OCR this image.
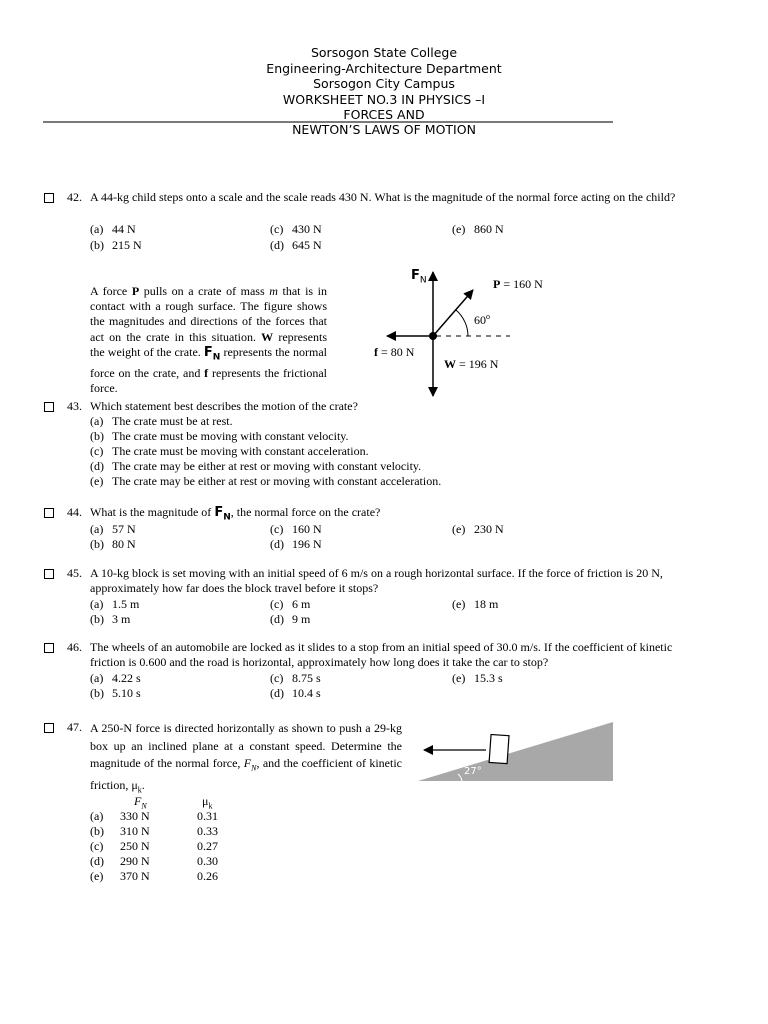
Sorsogon State College
Engineering-Architecture Department
Sorsogon City Campus
WORKSHEET NO.3 IN PHYSICS –I
FORCES AND
NEWTON’S LAWS OF MOTION
42. A 44-kg child steps onto a scale and the scale reads 430 N. What is the magnitude of the normal force acting on the child?
(a) 44 N
(b) 215 N
(c) 430 N
(d) 645 N
(e) 860 N
A force P pulls on a crate of mass m that is in contact with a rough surface. The figure shows the magnitudes and directions of the forces that act on the crate in this situation. W represents the weight of the crate. $F_N$ represents the normal force on the crate, and f represents the frictional force.
$F_N$	P = 160 N
60$^o$
f = 80 N
W = 196 N
43. Which statement best describes the motion of the crate?
(a) The crate must be at rest.
(b) The crate must be moving with constant velocity.
(c) The crate must be moving with constant acceleration.
(d) The crate may be either at rest or moving with constant velocity.
(e) The crate may be either at rest or moving with constant acceleration.
44. What is the magnitude of $F_N$, the normal force on the crate?
(a) 57 N
(b) 80 N
(c) 160 N
(d) 196 N
(e) 230 N
45. A 10-kg block is set moving with an initial speed of 6 m/s on a rough horizontal surface. If the force of friction is 20 N, approximately how far does the block travel before it stops?
(a) 1.5 m
(b) 3 m
(c) 6 m
(d) 9 m
(e) 18 m
46. The wheels of an automobile are locked as it slides to a stop from an initial speed of 30.0 m/s. If the coefficient of kinetic friction is 0.600 and the road is horizontal, approximately how long does it take the car to stop?
(a) 4.22 s
(b) 5.10 s
(c) 8.75 s
(d) 10.4 s
(e) 15.3 s
47. A 250-N force is directed horizontally as shown to push a 29-kg box up an inclined plane at a constant speed. Determine the magnitude of the normal force, $F_N$, and the coefficient of kinetic friction, $\mu_k$.
27°
$F_N$	$\mu_k$
(a) 330 N	0.31
(b) 310 N	0.33
(c) 250 N	0.27
(d) 290 N	0.30
(e) 370 N	0.26
